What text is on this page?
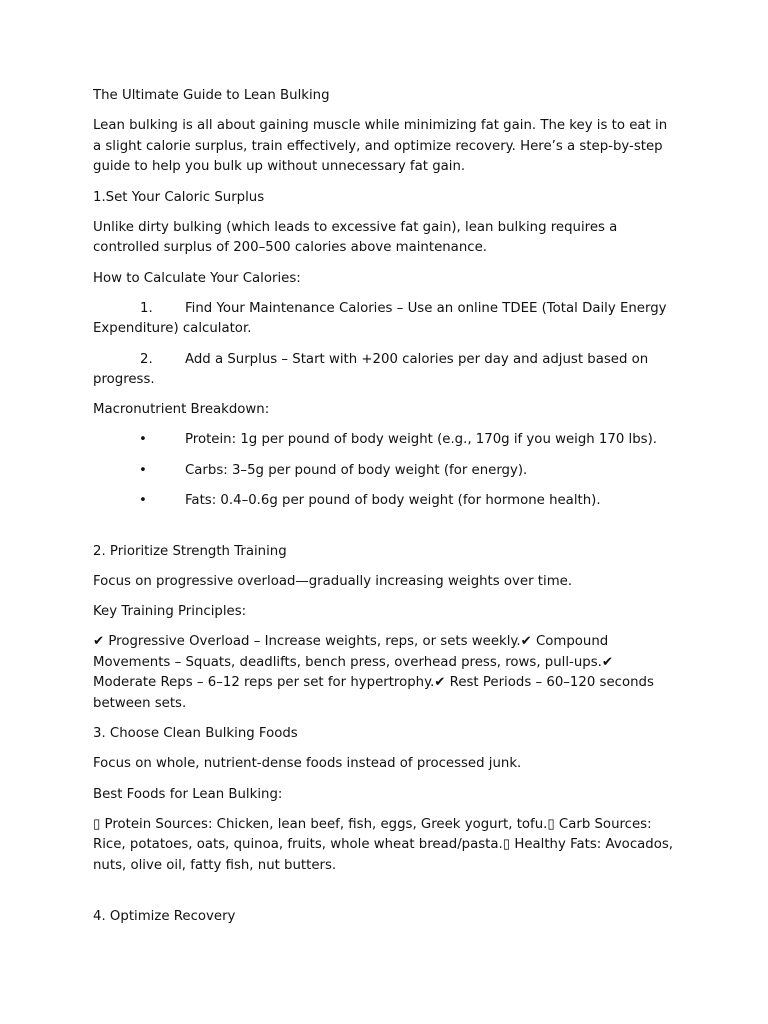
The Ultimate Guide to Lean Bulking

Lean bulking is all about gaining muscle while minimizing fat gain. The key is to eat in a slight calorie surplus, train effectively, and optimize recovery. Here’s a step-by-step guide to help you bulk up without unnecessary fat gain.

1.Set Your Caloric Surplus

Unlike dirty bulking (which leads to excessive fat gain), lean bulking requires a controlled surplus of 200–500 calories above maintenance.

How to Calculate Your Calories:

1. Find Your Maintenance Calories – Use an online TDEE (Total Daily Energy Expenditure) calculator.

2. Add a Surplus – Start with +200 calories per day and adjust based on progress.

Macronutrient Breakdown:

•	Protein: 1g per pound of body weight (e.g., 170g if you weigh 170 lbs).

•	Carbs: 3–5g per pound of body weight (for energy).

•	Fats: 0.4–0.6g per pound of body weight (for hormone health).

2. Prioritize Strength Training

Focus on progressive overload—gradually increasing weights over time.

Key Training Principles:

✔ Progressive Overload – Increase weights, reps, or sets weekly.✔ Compound Movements – Squats, deadlifts, bench press, overhead press, rows, pull-ups.✔ Moderate Reps – 6–12 reps per set for hypertrophy.✔ Rest Periods – 60–120 seconds between sets.

3. Choose Clean Bulking Foods

Focus on whole, nutrient-dense foods instead of processed junk.

Best Foods for Lean Bulking:

▯ Protein Sources: Chicken, lean beef, fish, eggs, Greek yogurt, tofu.▯ Carb Sources: Rice, potatoes, oats, quinoa, fruits, whole wheat bread/pasta.▯ Healthy Fats: Avocados, nuts, olive oil, fatty fish, nut butters.

4. Optimize Recovery
